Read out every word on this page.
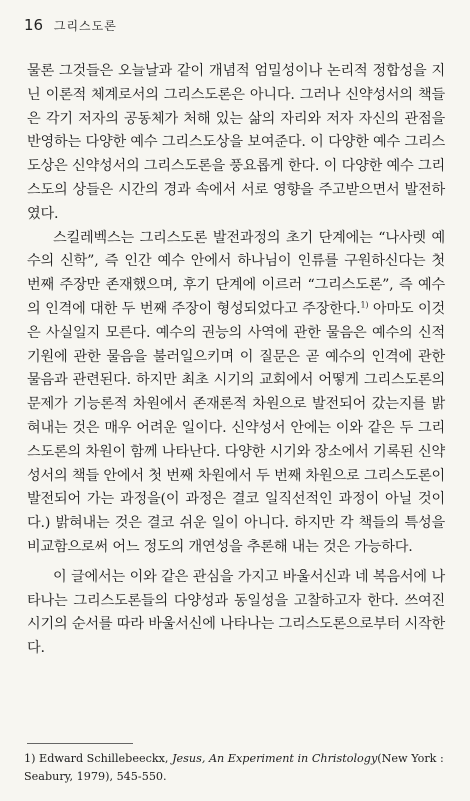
16 그리스도론

물론 그것들은 오늘날과 같이 개념적 엄밀성이나 논리적 정합성을 지닌 이론적 체계로서의 그리스도론은 아니다. 그러나 신약성서의 책들은 각기 저자의 공동체가 처해 있는 삶의 자리와 저자 자신의 관점을 반영하는 다양한 예수 그리스도상을 보여준다. 이 다양한 예수 그리스도상은 신약성서의 그리스도론을 풍요롭게 한다. 이 다양한 예수 그리스도의 상들은 시간의 경과 속에서 서로 영향을 주고받으면서 발전하였다.

스킬레벡스는 그리스도론 발전과정의 초기 단계에는 “나사렛 예수의 신학”, 즉 인간 예수 안에서 하나님이 인류를 구원하신다는 첫 번째 주장만 존재했으며, 후기 단계에 이르러 “그리스도론”, 즉 예수의 인격에 대한 두 번째 주장이 형성되었다고 주장한다.$^{1)}$ 아마도 이것은 사실일지 모른다. 예수의 권능의 사역에 관한 물음은 예수의 신적 기원에 관한 물음을 불러일으키며 이 질문은 곧 예수의 인격에 관한 물음과 관련된다. 하지만 최초 시기의 교회에서 어떻게 그리스도론의 문제가 기능론적 차원에서 존재론적 차원으로 발전되어 갔는지를 밝혀내는 것은 매우 어려운 일이다. 신약성서 안에는 이와 같은 두 그리스도론의 차원이 함께 나타난다. 다양한 시기와 장소에서 기록된 신약성서의 책들 안에서 첫 번째 차원에서 두 번째 차원으로 그리스도론이 발전되어 가는 과정을(이 과정은 결코 일직선적인 과정이 아닐 것이다.) 밝혀내는 것은 결코 쉬운 일이 아니다. 하지만 각 책들의 특성을 비교함으로써 어느 정도의 개연성을 추론해 내는 것은 가능하다.

이 글에서는 이와 같은 관심을 가지고 바울서신과 네 복음서에 나타나는 그리스도론들의 다양성과 동일성을 고찰하고자 한다. 쓰여진 시기의 순서를 따라 바울서신에 나타나는 그리스도론으로부터 시작한다.

1) Edward Schillebeeckx, Jesus, An Experiment in Christology(New York : Seabury, 1979), 545-550.
